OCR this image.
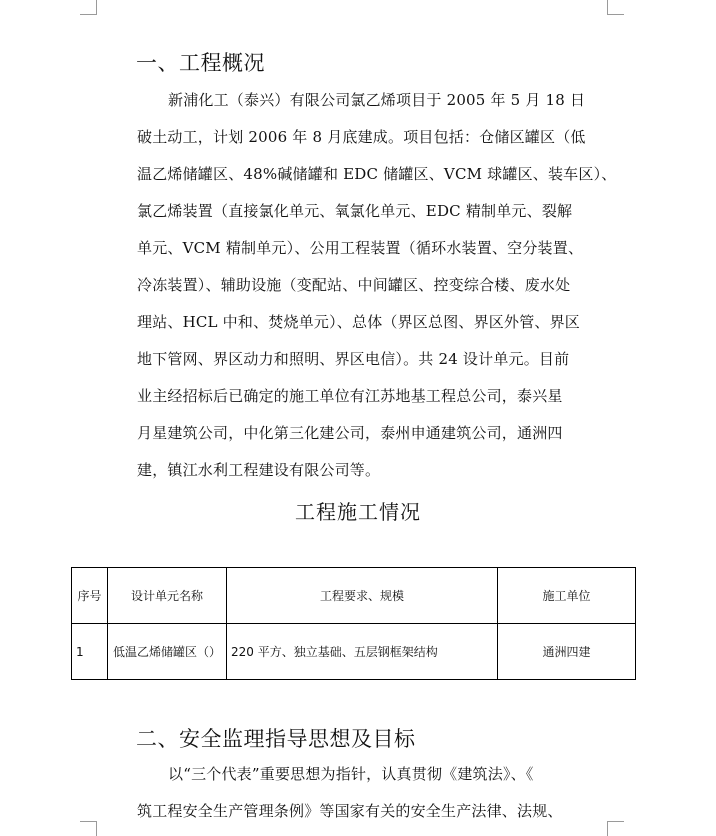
一、工程概况
新浦化工（泰兴）有限公司氯乙烯项目于 2005 年 5 月 18 日
破土动工，计划 2006 年 8 月底建成。项目包括：仓储区罐区（低
温乙烯储罐区、48%碱储罐和 EDC 储罐区、VCM 球罐区、装车区）、
氯乙烯装置（直接氯化单元、氧氯化单元、EDC 精制单元、裂解
单元、VCM 精制单元）、公用工程装置（循环水装置、空分装置、
冷冻装置）、辅助设施（变配站、中间罐区、控变综合楼、废水处
理站、HCL 中和、焚烧单元）、总体（界区总图、界区外管、界区
地下管网、界区动力和照明、界区电信）。共 24 设计单元。目前
业主经招标后已确定的施工单位有江苏地基工程总公司，泰兴星
月星建筑公司，中化第三化建公司，泰州申通建筑公司，通洲四
建，镇江水利工程建设有限公司等。
工程施工情况
序号	设计单元名称	工程要求、规模	施工单位
1	低温乙烯储罐区（）	220 平方、独立基础、五层钢框架结构	通洲四建
二、安全监理指导思想及目标
以“三个代表”重要思想为指针，认真贯彻《建筑法》、《
筑工程安全生产管理条例》等国家有关的安全生产法律、法规、
